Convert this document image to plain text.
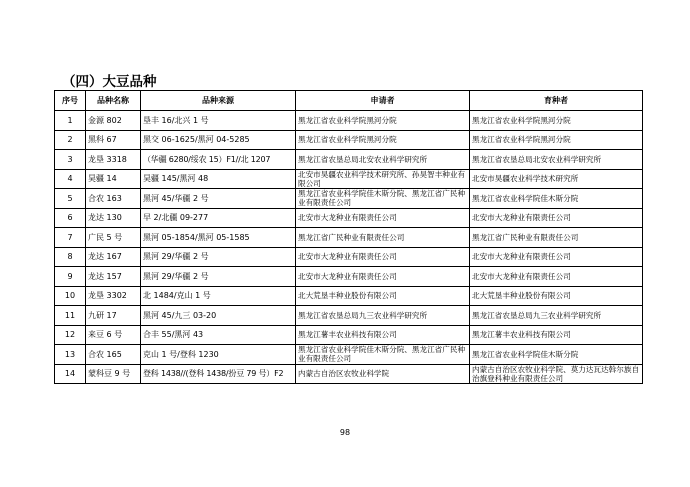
（四）大豆品种
序号	品种名称	品种来源	申请者	育种者
1	金源 802	垦丰 16/北兴 1 号	黑龙江省农业科学院黑河分院	黑龙江省农业科学院黑河分院
2	黑科 67	黑交 06-1625/黑河 04-5285	黑龙江省农业科学院黑河分院	黑龙江省农业科学院黑河分院
3	龙垦 3318	（华疆 6280/绥农 15）F1//北 1207	黑龙江省农垦总局北安农业科学研究所	黑龙江省农垦总局北安农业科学研究所
4	昊疆 14	昊疆 145/黑河 48	北安市昊疆农业科学技术研究所、孙昊智丰种业有限公司	北安市昊疆农业科学技术研究所
5	合农 163	黑河 45/华疆 2 号	黑龙江省农业科学院佳木斯分院、黑龙江省广民种业有限责任公司	黑龙江省农业科学院佳木斯分院
6	龙达 130	早 2/北疆 09-277	北安市大龙种业有限责任公司	北安市大龙种业有限责任公司
7	广民 5 号	黑河 05-1854/黑河 05-1585	黑龙江省广民种业有限责任公司	黑龙江省广民种业有限责任公司
8	龙达 167	黑河 29/华疆 2 号	北安市大龙种业有限责任公司	北安市大龙种业有限责任公司
9	龙达 157	黑河 29/华疆 2 号	北安市大龙种业有限责任公司	北安市大龙种业有限责任公司
10	龙垦 3302	北 1484/克山 1 号	北大荒垦丰种业股份有限公司	北大荒垦丰种业股份有限公司
11	九研 17	黑河 45/九三 03-20	黑龙江省农垦总局九三农业科学研究所	黑龙江省农垦总局九三农业科学研究所
12	来豆 6 号	合丰 55/黑河 43	黑龙江薯丰农业科技有限公司	黑龙江薯丰农业科技有限公司
13	合农 165	克山 1 号/登科 1230	黑龙江省农业科学院佳木斯分院、黑龙江省广民种业有限责任公司	黑龙江省农业科学院佳木斯分院
14	蒙科豆 9 号	登科 1438//(登科 1438/扮豆 79 号）F2	内蒙古自治区农牧业科学院	内蒙古自治区农牧业科学院、莫力达瓦达斡尔族自治旗登科种业有限责任公司
98
